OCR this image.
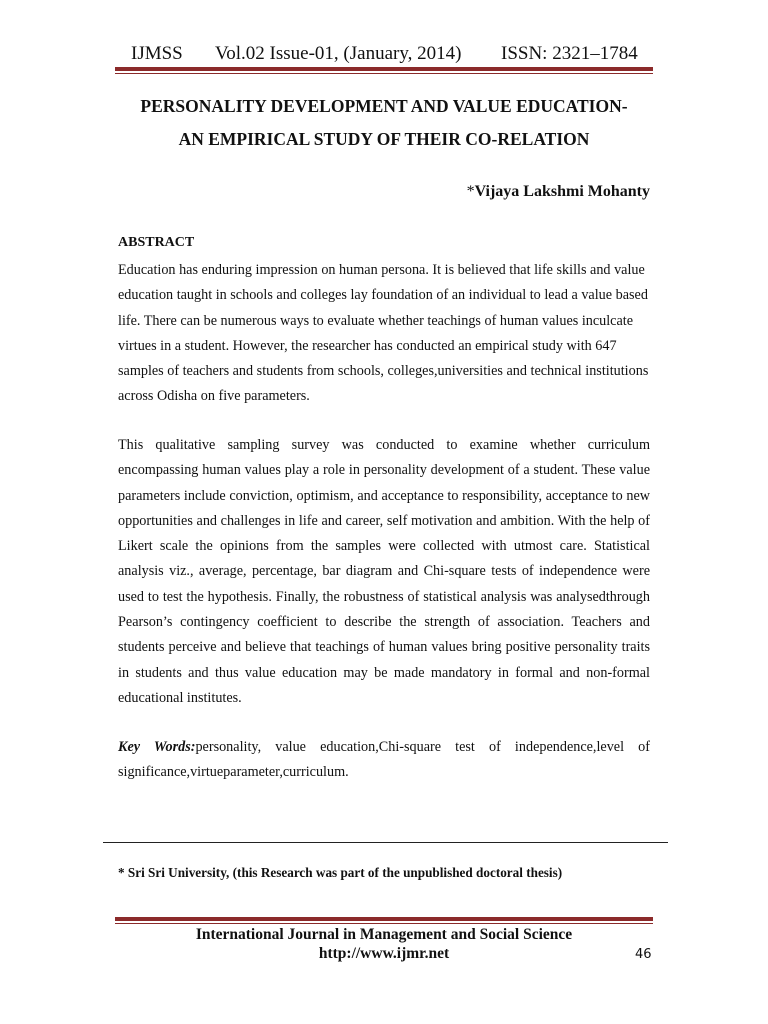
IJMSS Vol.02 Issue-01, (January, 2014) ISSN: 2321–1784
PERSONALITY DEVELOPMENT AND VALUE EDUCATION-
AN EMPIRICAL STUDY OF THEIR CO-RELATION
*Vijaya Lakshmi Mohanty
ABSTRACT
Education has enduring impression on human persona. It is believed that life skills and value education taught in schools and colleges lay foundation of an individual to lead a value based life. There can be numerous ways to evaluate whether teachings of human values inculcate virtues in a student. However, the researcher has conducted an empirical study with 647 samples of teachers and students from schools, colleges,universities and technical institutions across Odisha on five parameters.
This qualitative sampling survey was conducted to examine whether curriculum encompassing human values play a role in personality development of a student. These value parameters include conviction, optimism, and acceptance to responsibility, acceptance to new opportunities and challenges in life and career, self motivation and ambition. With the help of Likert scale the opinions from the samples were collected with utmost care. Statistical analysis viz., average, percentage, bar diagram and Chi-square tests of independence were used to test the hypothesis. Finally, the robustness of statistical analysis was analysedthrough Pearson’s contingency coefficient to describe the strength of association. Teachers and students perceive and believe that teachings of human values bring positive personality traits in students and thus value education may be made mandatory in formal and non-formal educational institutes.
Key Words:personality, value education,Chi-square test of independence,level of significance,virtueparameter,curriculum.
* Sri Sri University, (this Research was part of the unpublished doctoral thesis)
International Journal in Management and Social Science
http://www.ijmr.net	46
